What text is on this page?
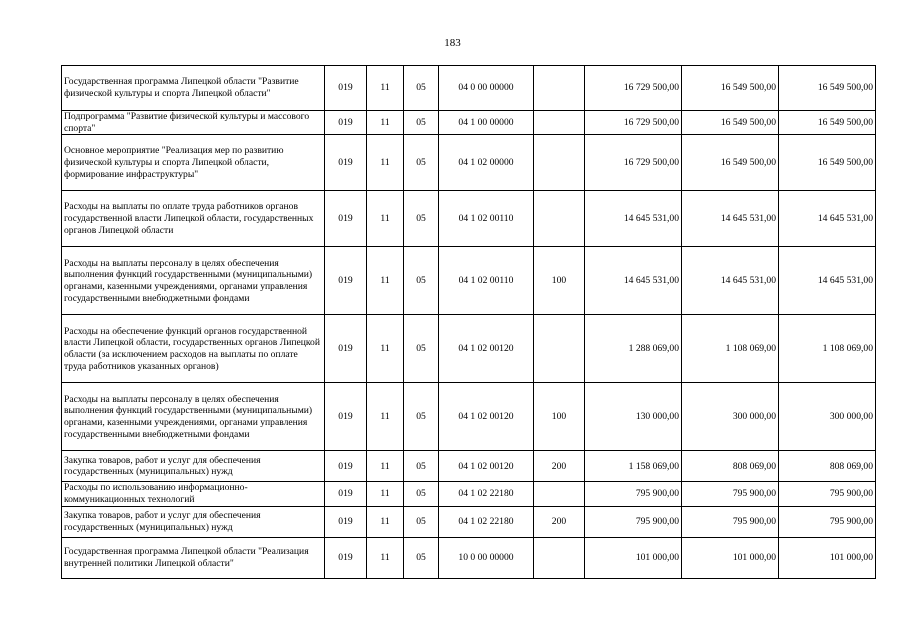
183
Государственная программа Липецкой области "Развитие физической культуры и спорта Липецкой области"	019	11	05	04 0 00 00000		16 729 500,00	16 549 500,00	16 549 500,00
Подпрограмма "Развитие физической культуры и массового спорта"	019	11	05	04 1 00 00000		16 729 500,00	16 549 500,00	16 549 500,00
Основное мероприятие "Реализация мер по развитию физической культуры и спорта Липецкой области, формирование инфраструктуры"	019	11	05	04 1 02 00000		16 729 500,00	16 549 500,00	16 549 500,00
Расходы на выплаты по оплате труда работников органов государственной власти Липецкой области, государственных органов Липецкой области	019	11	05	04 1 02 00110		14 645 531,00	14 645 531,00	14 645 531,00
Расходы на выплаты персоналу в целях обеспечения выполнения функций государственными (муниципальными) органами, казенными учреждениями, органами управления государственными внебюджетными фондами	019	11	05	04 1 02 00110	100	14 645 531,00	14 645 531,00	14 645 531,00
Расходы на обеспечение функций органов государственной власти Липецкой области, государственных органов Липецкой области (за исключением расходов на выплаты по оплате труда работников указанных органов)	019	11	05	04 1 02 00120		1 288 069,00	1 108 069,00	1 108 069,00
Расходы на выплаты персоналу в целях обеспечения выполнения функций государственными (муниципальными) органами, казенными учреждениями, органами управления государственными внебюджетными фондами	019	11	05	04 1 02 00120	100	130 000,00	300 000,00	300 000,00
Закупка товаров, работ и услуг для обеспечения государственных (муниципальных) нужд	019	11	05	04 1 02 00120	200	1 158 069,00	808 069,00	808 069,00
Расходы по использованию информационно-коммуникационных технологий	019	11	05	04 1 02 22180		795 900,00	795 900,00	795 900,00
Закупка товаров, работ и услуг для обеспечения государственных (муниципальных) нужд	019	11	05	04 1 02 22180	200	795 900,00	795 900,00	795 900,00
Государственная программа Липецкой области "Реализация внутренней политики Липецкой области"	019	11	05	10 0 00 00000		101 000,00	101 000,00	101 000,00
